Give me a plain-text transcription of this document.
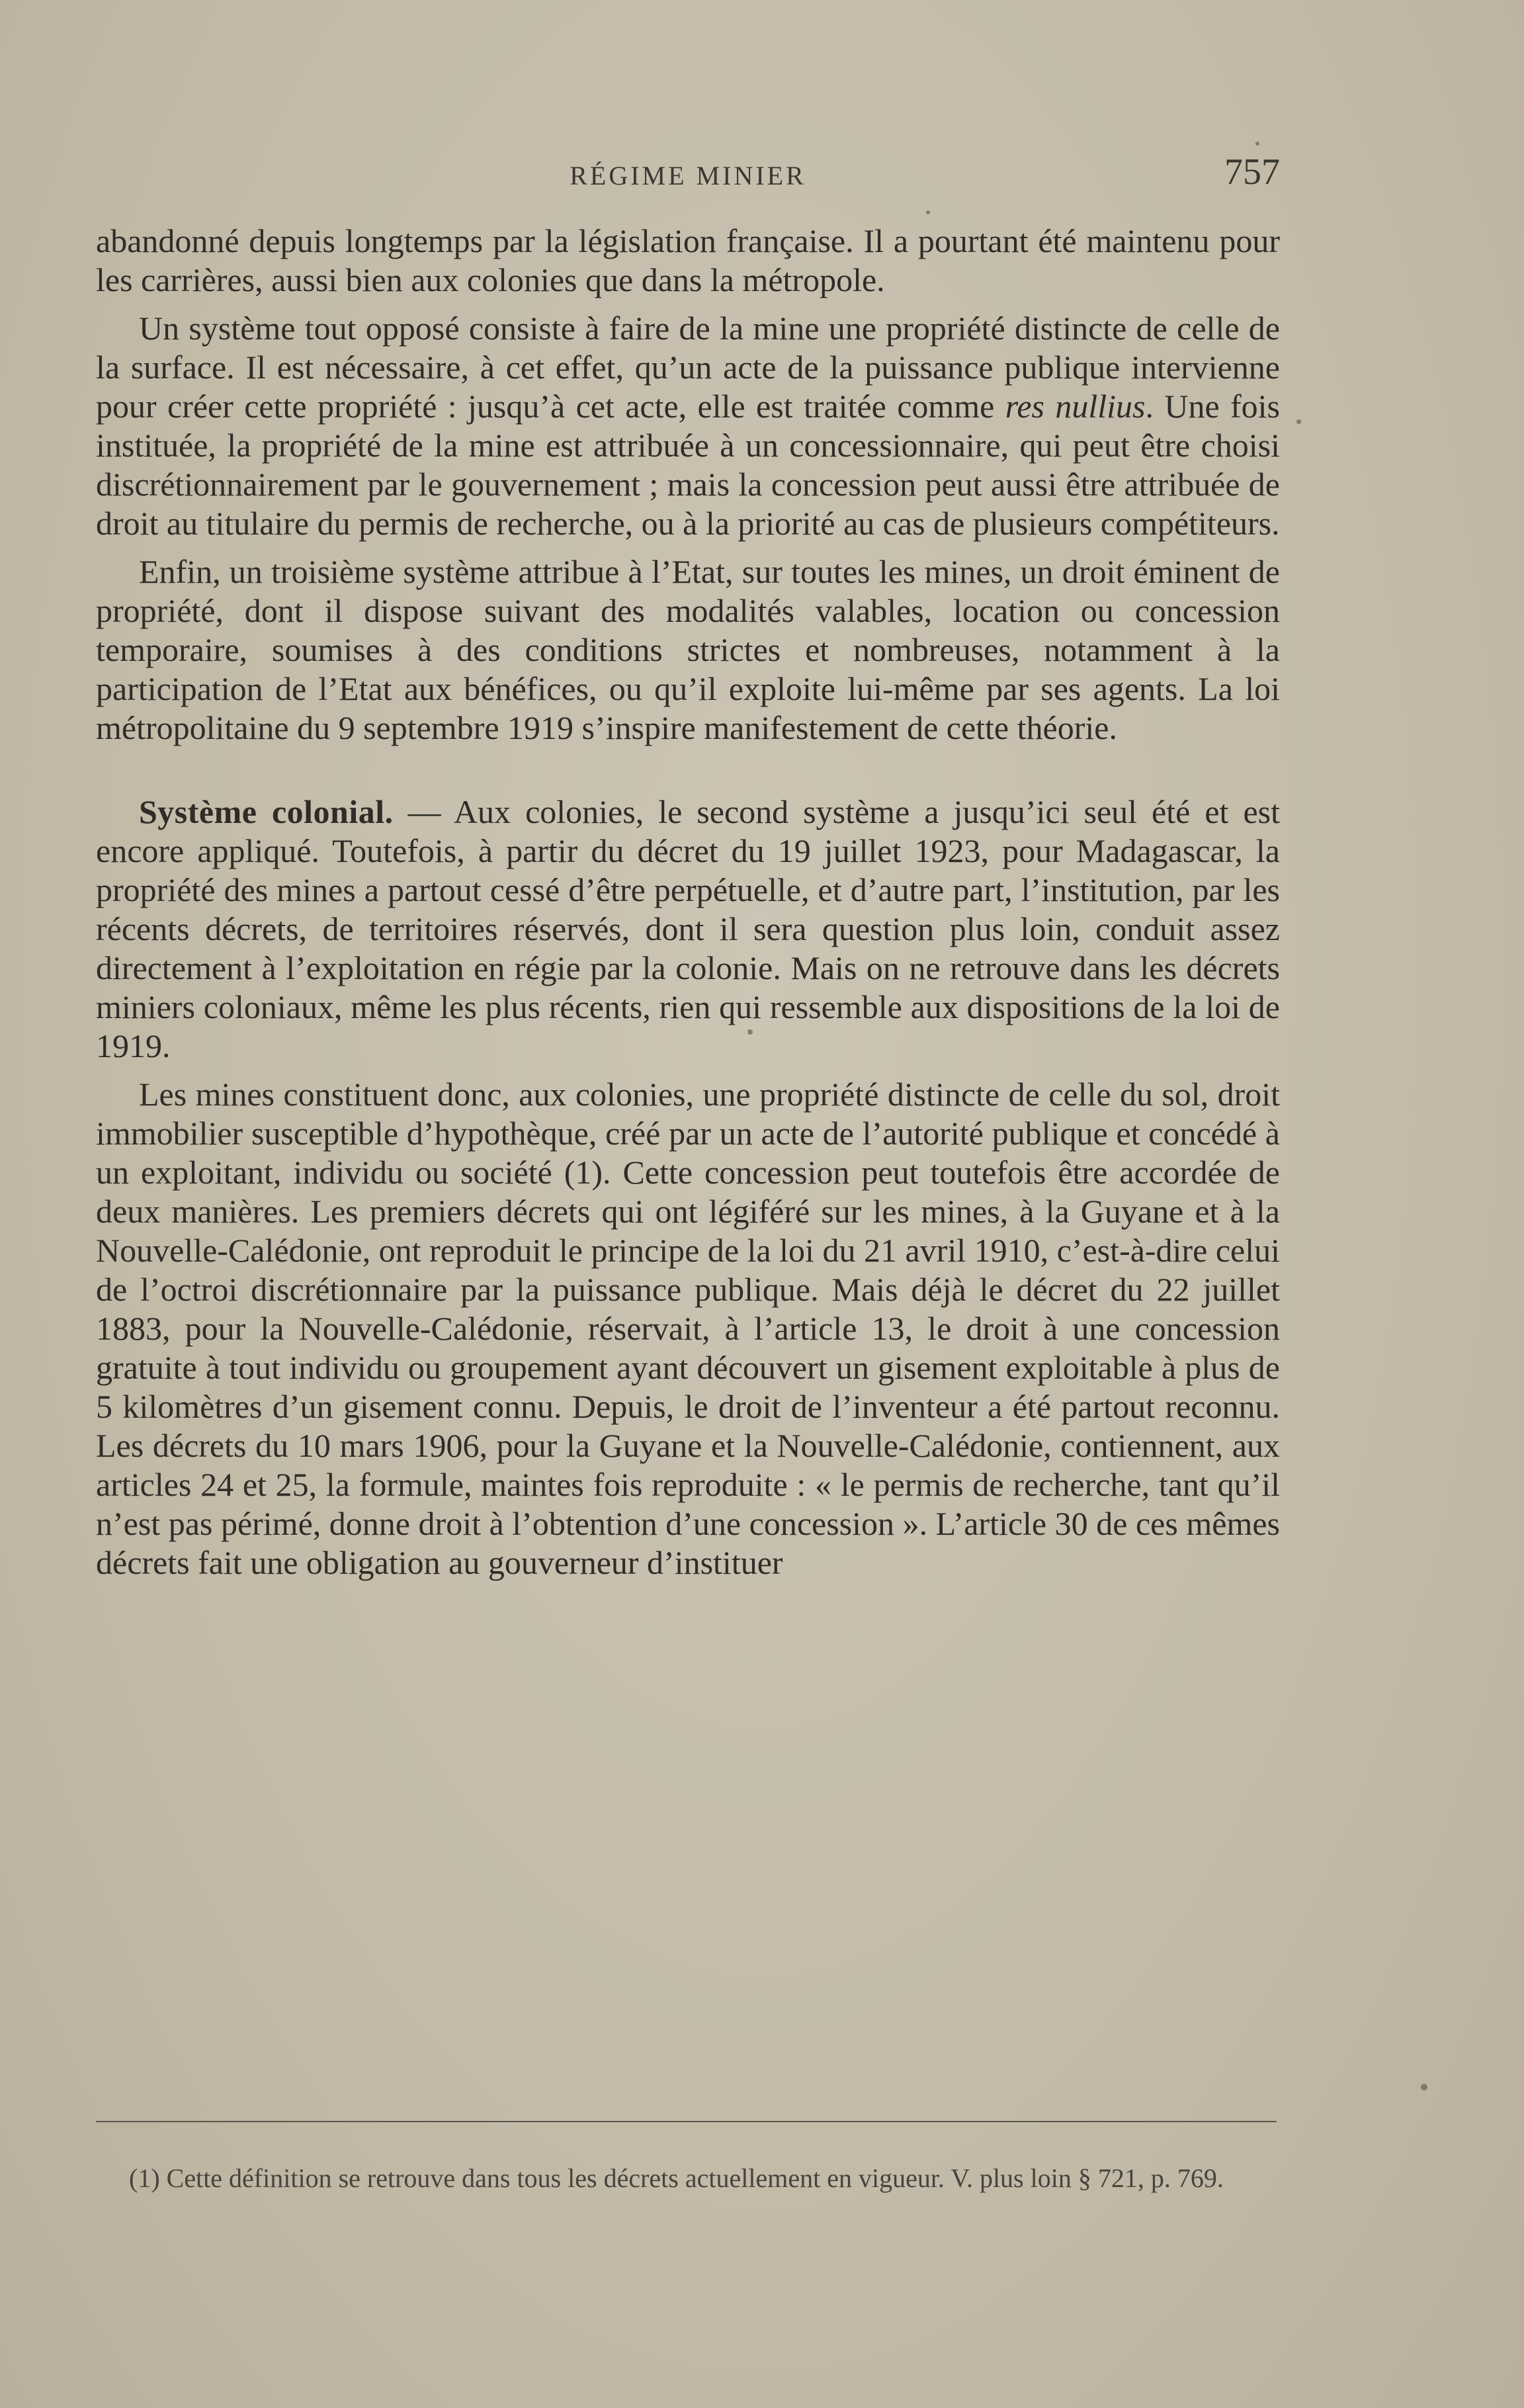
RÉGIME MINIER	757

abandonné depuis longtemps par la législation française. Il a pourtant été maintenu pour les carrières, aussi bien aux colonies que dans la métropole.

Un système tout opposé consiste à faire de la mine une propriété distincte de celle de la surface. Il est nécessaire, à cet effet, qu’un acte de la puissance publique intervienne pour créer cette propriété : jusqu’à cet acte, elle est traitée comme res nullius. Une fois instituée, la propriété de la mine est attribuée à un concessionnaire, qui peut être choisi discrétionnairement par le gouvernement ; mais la concession peut aussi être attribuée de droit au titulaire du permis de recherche, ou à la priorité au cas de plusieurs compétiteurs.

Enfin, un troisième système attribue à l’Etat, sur toutes les mines, un droit éminent de propriété, dont il dispose suivant des modalités valables, location ou concession temporaire, soumises à des conditions strictes et nombreuses, notamment à la participation de l’Etat aux bénéfices, ou qu’il exploite lui-même par ses agents. La loi métropolitaine du 9 septembre 1919 s’inspire manifestement de cette théorie.

Système colonial. — Aux colonies, le second système a jusqu’ici seul été et est encore appliqué. Toutefois, à partir du décret du 19 juillet 1923, pour Madagascar, la propriété des mines a partout cessé d’être perpétuelle, et d’autre part, l’institution, par les récents décrets, de territoires réservés, dont il sera question plus loin, conduit assez directement à l’exploitation en régie par la colonie. Mais on ne retrouve dans les décrets miniers coloniaux, même les plus récents, rien qui ressemble aux dispositions de la loi de 1919.

Les mines constituent donc, aux colonies, une propriété distincte de celle du sol, droit immobilier susceptible d’hypothèque, créé par un acte de l’autorité publique et concédé à un exploitant, individu ou société (1). Cette concession peut toutefois être accordée de deux manières. Les premiers décrets qui ont légiféré sur les mines, à la Guyane et à la Nouvelle-Calédonie, ont reproduit le principe de la loi du 21 avril 1910, c’est-à-dire celui de l’octroi discrétionnaire par la puissance publique. Mais déjà le décret du 22 juillet 1883, pour la Nouvelle-Calédonie, réservait, à l’article 13, le droit à une concession gratuite à tout individu ou groupement ayant découvert un gisement exploitable à plus de 5 kilomètres d’un gisement connu. Depuis, le droit de l’inventeur a été partout reconnu. Les décrets du 10 mars 1906, pour la Guyane et la Nouvelle-Calédonie, contiennent, aux articles 24 et 25, la formule, maintes fois reproduite : « le permis de recherche, tant qu’il n’est pas périmé, donne droit à l’obtention d’une concession ». L’article 30 de ces mêmes décrets fait une obligation au gouverneur d’instituer

(1) Cette définition se retrouve dans tous les décrets actuellement en vigueur. V. plus loin § 721, p. 769.
